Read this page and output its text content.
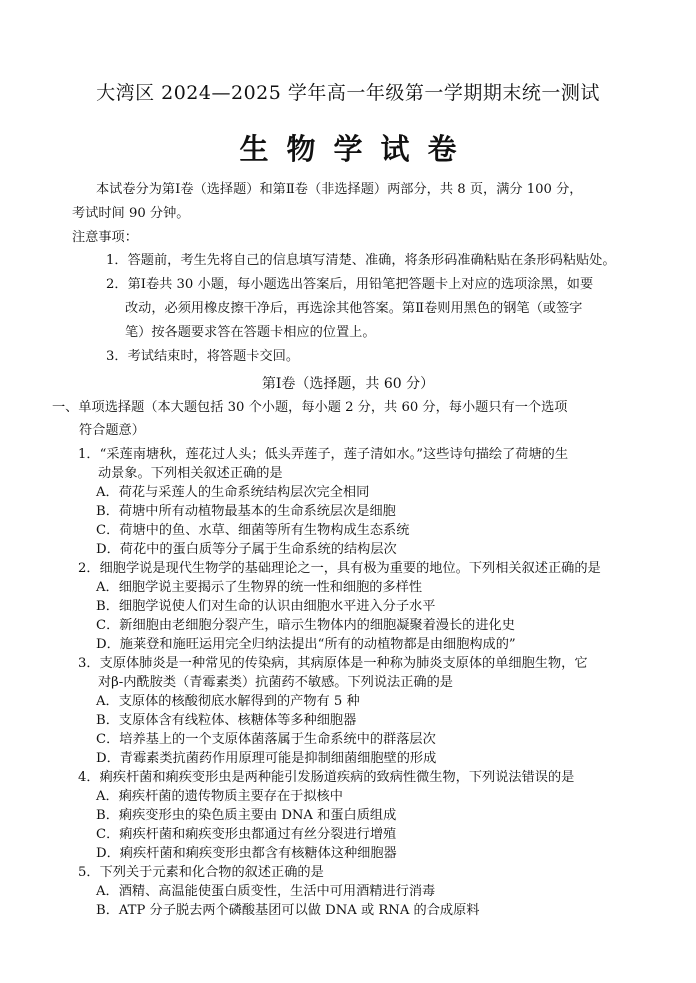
大湾区 2024—2025 学年高一年级第一学期期末统一测试
生物学试卷
本试卷分为第Ⅰ卷（选择题）和第Ⅱ卷（非选择题）两部分，共 8 页，满分 100 分，
考试时间 90 分钟。
注意事项：
1．答题前，考生先将自己的信息填写清楚、准确，将条形码准确粘贴在条形码粘贴处。
2．第Ⅰ卷共 30 小题，每小题选出答案后，用铅笔把答题卡上对应的选项涂黑，如要
改动，必须用橡皮擦干净后，再选涂其他答案。第Ⅱ卷则用黑色的钢笔（或签字
笔）按各题要求答在答题卡相应的位置上。
3．考试结束时，将答题卡交回。
第Ⅰ卷（选择题，共 60 分）
一、单项选择题（本大题包括 30 个小题，每小题 2 分，共 60 分，每小题只有一个选项
符合题意）
1．“采莲南塘秋，莲花过人头；低头弄莲子，莲子清如水。”这些诗句描绘了荷塘的生
动景象。下列相关叙述正确的是
A．荷花与采莲人的生命系统结构层次完全相同
B．荷塘中所有动植物最基本的生命系统层次是细胞
C．荷塘中的鱼、水草、细菌等所有生物构成生态系统
D．荷花中的蛋白质等分子属于生命系统的结构层次
2．细胞学说是现代生物学的基础理论之一，具有极为重要的地位。下列相关叙述正确的是
A．细胞学说主要揭示了生物界的统一性和细胞的多样性
B．细胞学说使人们对生命的认识由细胞水平进入分子水平
C．新细胞由老细胞分裂产生，暗示生物体内的细胞凝聚着漫长的进化史
D．施莱登和施旺运用完全归纳法提出“所有的动植物都是由细胞构成的”
3．支原体肺炎是一种常见的传染病，其病原体是一种称为肺炎支原体的单细胞生物，它
对β-内酰胺类（青霉素类）抗菌药不敏感。下列说法正确的是
A．支原体的核酸彻底水解得到的产物有 5 种
B．支原体含有线粒体、核糖体等多种细胞器
C．培养基上的一个支原体菌落属于生命系统中的群落层次
D．青霉素类抗菌药作用原理可能是抑制细菌细胞壁的形成
4．痢疾杆菌和痢疾变形虫是两种能引发肠道疾病的致病性微生物，下列说法错误的是
A．痢疾杆菌的遗传物质主要存在于拟核中
B．痢疾变形虫的染色质主要由 DNA 和蛋白质组成
C．痢疾杆菌和痢疾变形虫都通过有丝分裂进行增殖
D．痢疾杆菌和痢疾变形虫都含有核糖体这种细胞器
5．下列关于元素和化合物的叙述正确的是
A．酒精、高温能使蛋白质变性，生活中可用酒精进行消毒
B．ATP 分子脱去两个磷酸基团可以做 DNA 或 RNA 的合成原料
